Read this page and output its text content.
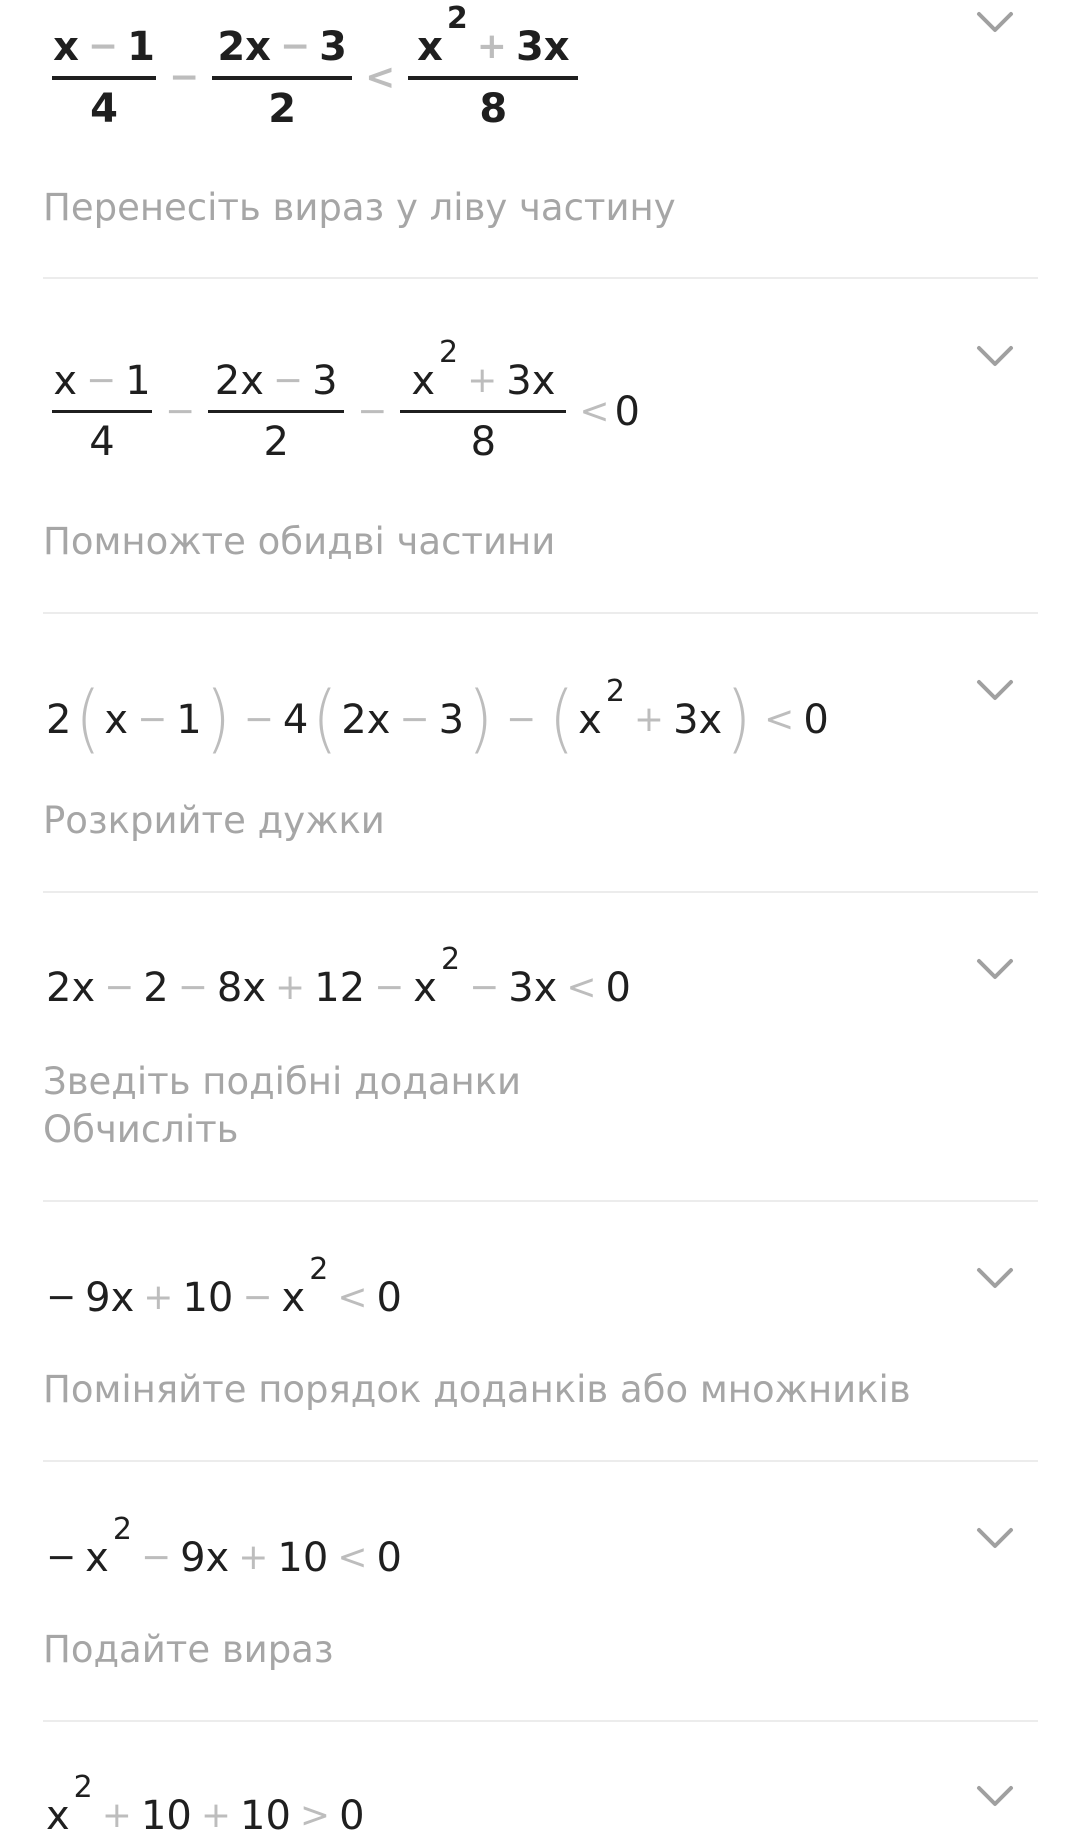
$\frac{x - 1}{4} - \frac{2x - 3}{2} < x$
2
+ 3x
8
Перенесіть вираз у ліву частину
$\frac{x - 1}{4} - \frac{2x - 3}{2} - x$
2
+ 3x
8 < 0
Помножте обидві частини
2 ( x − 1 ) − 4 ( 2x − 3 ) − ( x
2
+ 3x ) < 0
Розкрийте дужки
2x − 2 − 8x + 12 − x
2
− 3x < 0
Зведіть подібні доданки
Обчисліть
− 9x + 10 − x
2
< 0
Поміняйте порядок доданків або множників
− x
2
− 9x + 10 < 0
Подайте вираз
x
2
+ 10 + 10 > 0
